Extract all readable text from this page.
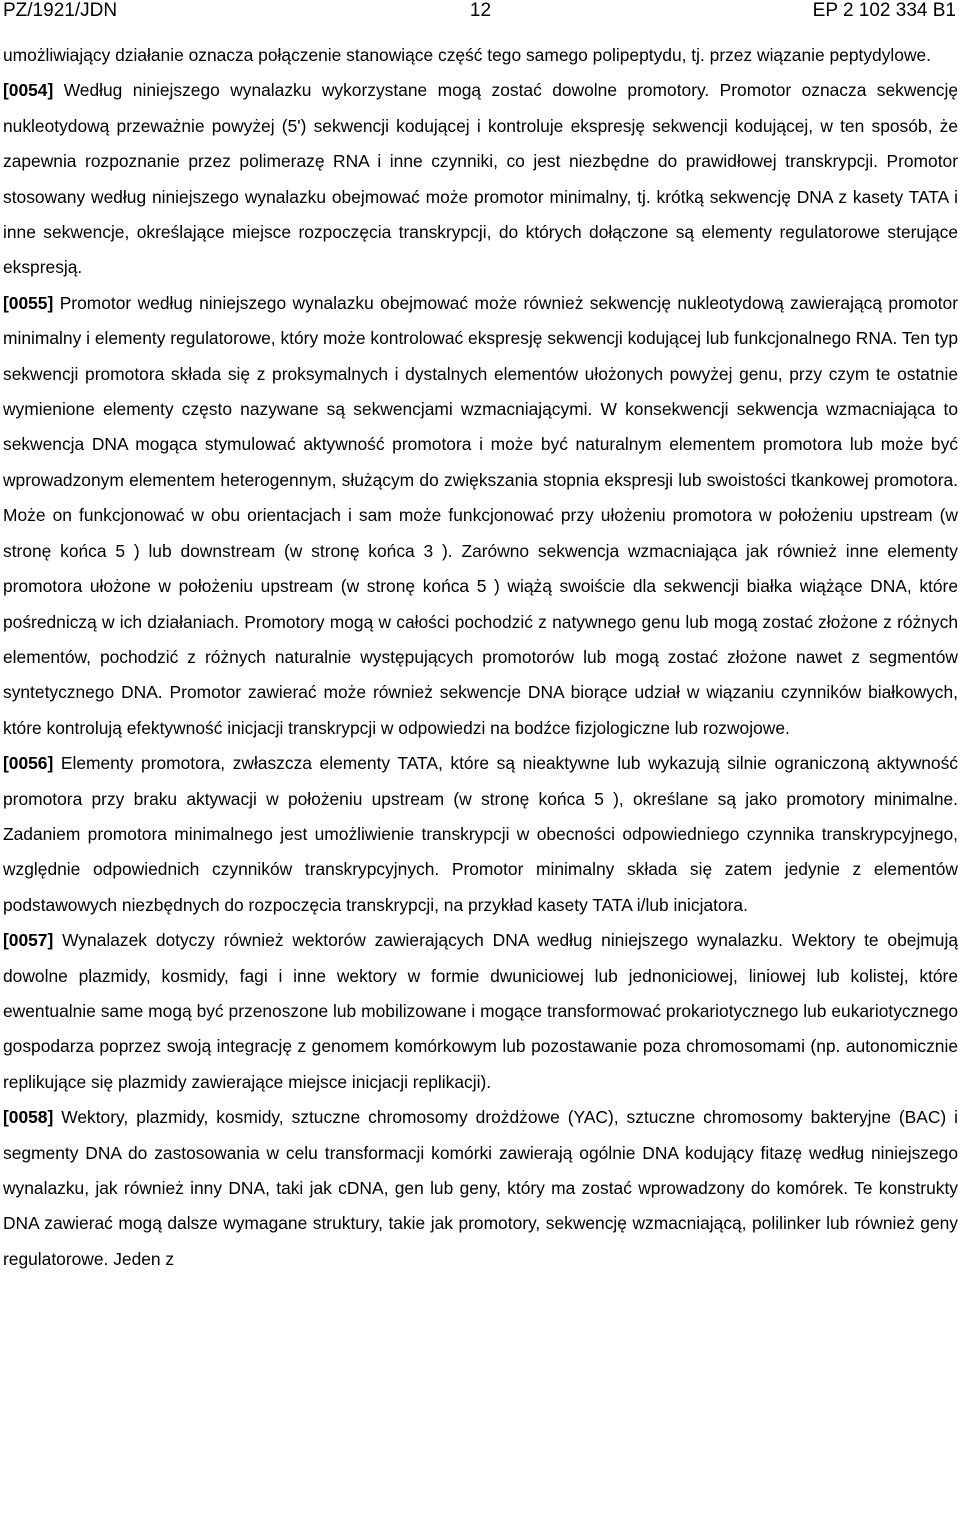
PZ/1921/JDN	12	EP 2 102 334 B1

umożliwiający działanie oznacza połączenie stanowiące część tego samego polipeptydu, tj. przez wiązanie peptydylowe.

[0054] Według niniejszego wynalazku wykorzystane mogą zostać dowolne promotory. Promotor oznacza sekwencję nukleotydową przeważnie powyżej (5') sekwencji kodującej i kontroluje ekspresję sekwencji kodującej, w ten sposób, że zapewnia rozpoznanie przez polimerazę RNA i inne czynniki, co jest niezbędne do prawidłowej transkrypcji. Promotor stosowany według niniejszego wynalazku obejmować może promotor minimalny, tj. krótką sekwencję DNA z kasety TATA i inne sekwencje, określające miejsce rozpoczęcia transkrypcji, do których dołączone są elementy regulatorowe sterujące ekspresją.

[0055] Promotor według niniejszego wynalazku obejmować może również sekwencję nukleotydową zawierającą promotor minimalny i elementy regulatorowe, który może kontrolować ekspresję sekwencji kodującej lub funkcjonalnego RNA. Ten typ sekwencji promotora składa się z proksymalnych i dystalnych elementów ułożonych powyżej genu, przy czym te ostatnie wymienione elementy często nazywane są sekwencjami wzmacniającymi. W konsekwencji sekwencja wzmacniająca to sekwencja DNA mogąca stymulować aktywność promotora i może być naturalnym elementem promotora lub może być wprowadzonym elementem heterogennym, służącym do zwiększania stopnia ekspresji lub swoistości tkankowej promotora. Może on funkcjonować w obu orientacjach i sam może funkcjonować przy ułożeniu promotora w położeniu upstream (w stronę końca 5 ) lub downstream (w stronę końca 3 ). Zarówno sekwencja wzmacniająca jak również inne elementy promotora ułożone w położeniu upstream (w stronę końca 5 ) wiążą swoiście dla sekwencji białka wiążące DNA, które pośredniczą w ich działaniach. Promotory mogą w całości pochodzić z natywnego genu lub mogą zostać złożone z różnych elementów, pochodzić z różnych naturalnie występujących promotorów lub mogą zostać złożone nawet z segmentów syntetycznego DNA. Promotor zawierać może również sekwencje DNA biorące udział w wiązaniu czynników białkowych, które kontrolują efektywność inicjacji transkrypcji w odpowiedzi na bodźce fizjologiczne lub rozwojowe.

[0056] Elementy promotora, zwłaszcza elementy TATA, które są nieaktywne lub wykazują silnie ograniczoną aktywność promotora przy braku aktywacji w położeniu upstream (w stronę końca 5 ), określane są jako promotory minimalne. Zadaniem promotora minimalnego jest umożliwienie transkrypcji w obecności odpowiedniego czynnika transkrypcyjnego, względnie odpowiednich czynników transkrypcyjnych. Promotor minimalny składa się zatem jedynie z elementów podstawowych niezbędnych do rozpoczęcia transkrypcji, na przykład kasety TATA i/lub inicjatora.

[0057] Wynalazek dotyczy również wektorów zawierających DNA według niniejszego wynalazku. Wektory te obejmują dowolne plazmidy, kosmidy, fagi i inne wektory w formie dwuniciowej lub jednoniciowej, liniowej lub kolistej, które ewentualnie same mogą być przenoszone lub mobilizowane i mogące transformować prokariotycznego lub eukariotycznego gospodarza poprzez swoją integrację z genomem komórkowym lub pozostawanie poza chromosomami (np. autonomicznie replikujące się plazmidy zawierające miejsce inicjacji replikacji).

[0058] Wektory, plazmidy, kosmidy, sztuczne chromosomy drożdżowe (YAC), sztuczne chromosomy bakteryjne (BAC) i segmenty DNA do zastosowania w celu transformacji komórki zawierają ogólnie DNA kodujący fitazę według niniejszego wynalazku, jak również inny DNA, taki jak cDNA, gen lub geny, który ma zostać wprowadzony do komórek. Te konstrukty DNA zawierać mogą dalsze wymagane struktury, takie jak promotory, sekwencję wzmacniającą, polilinker lub również geny regulatorowe. Jeden z
